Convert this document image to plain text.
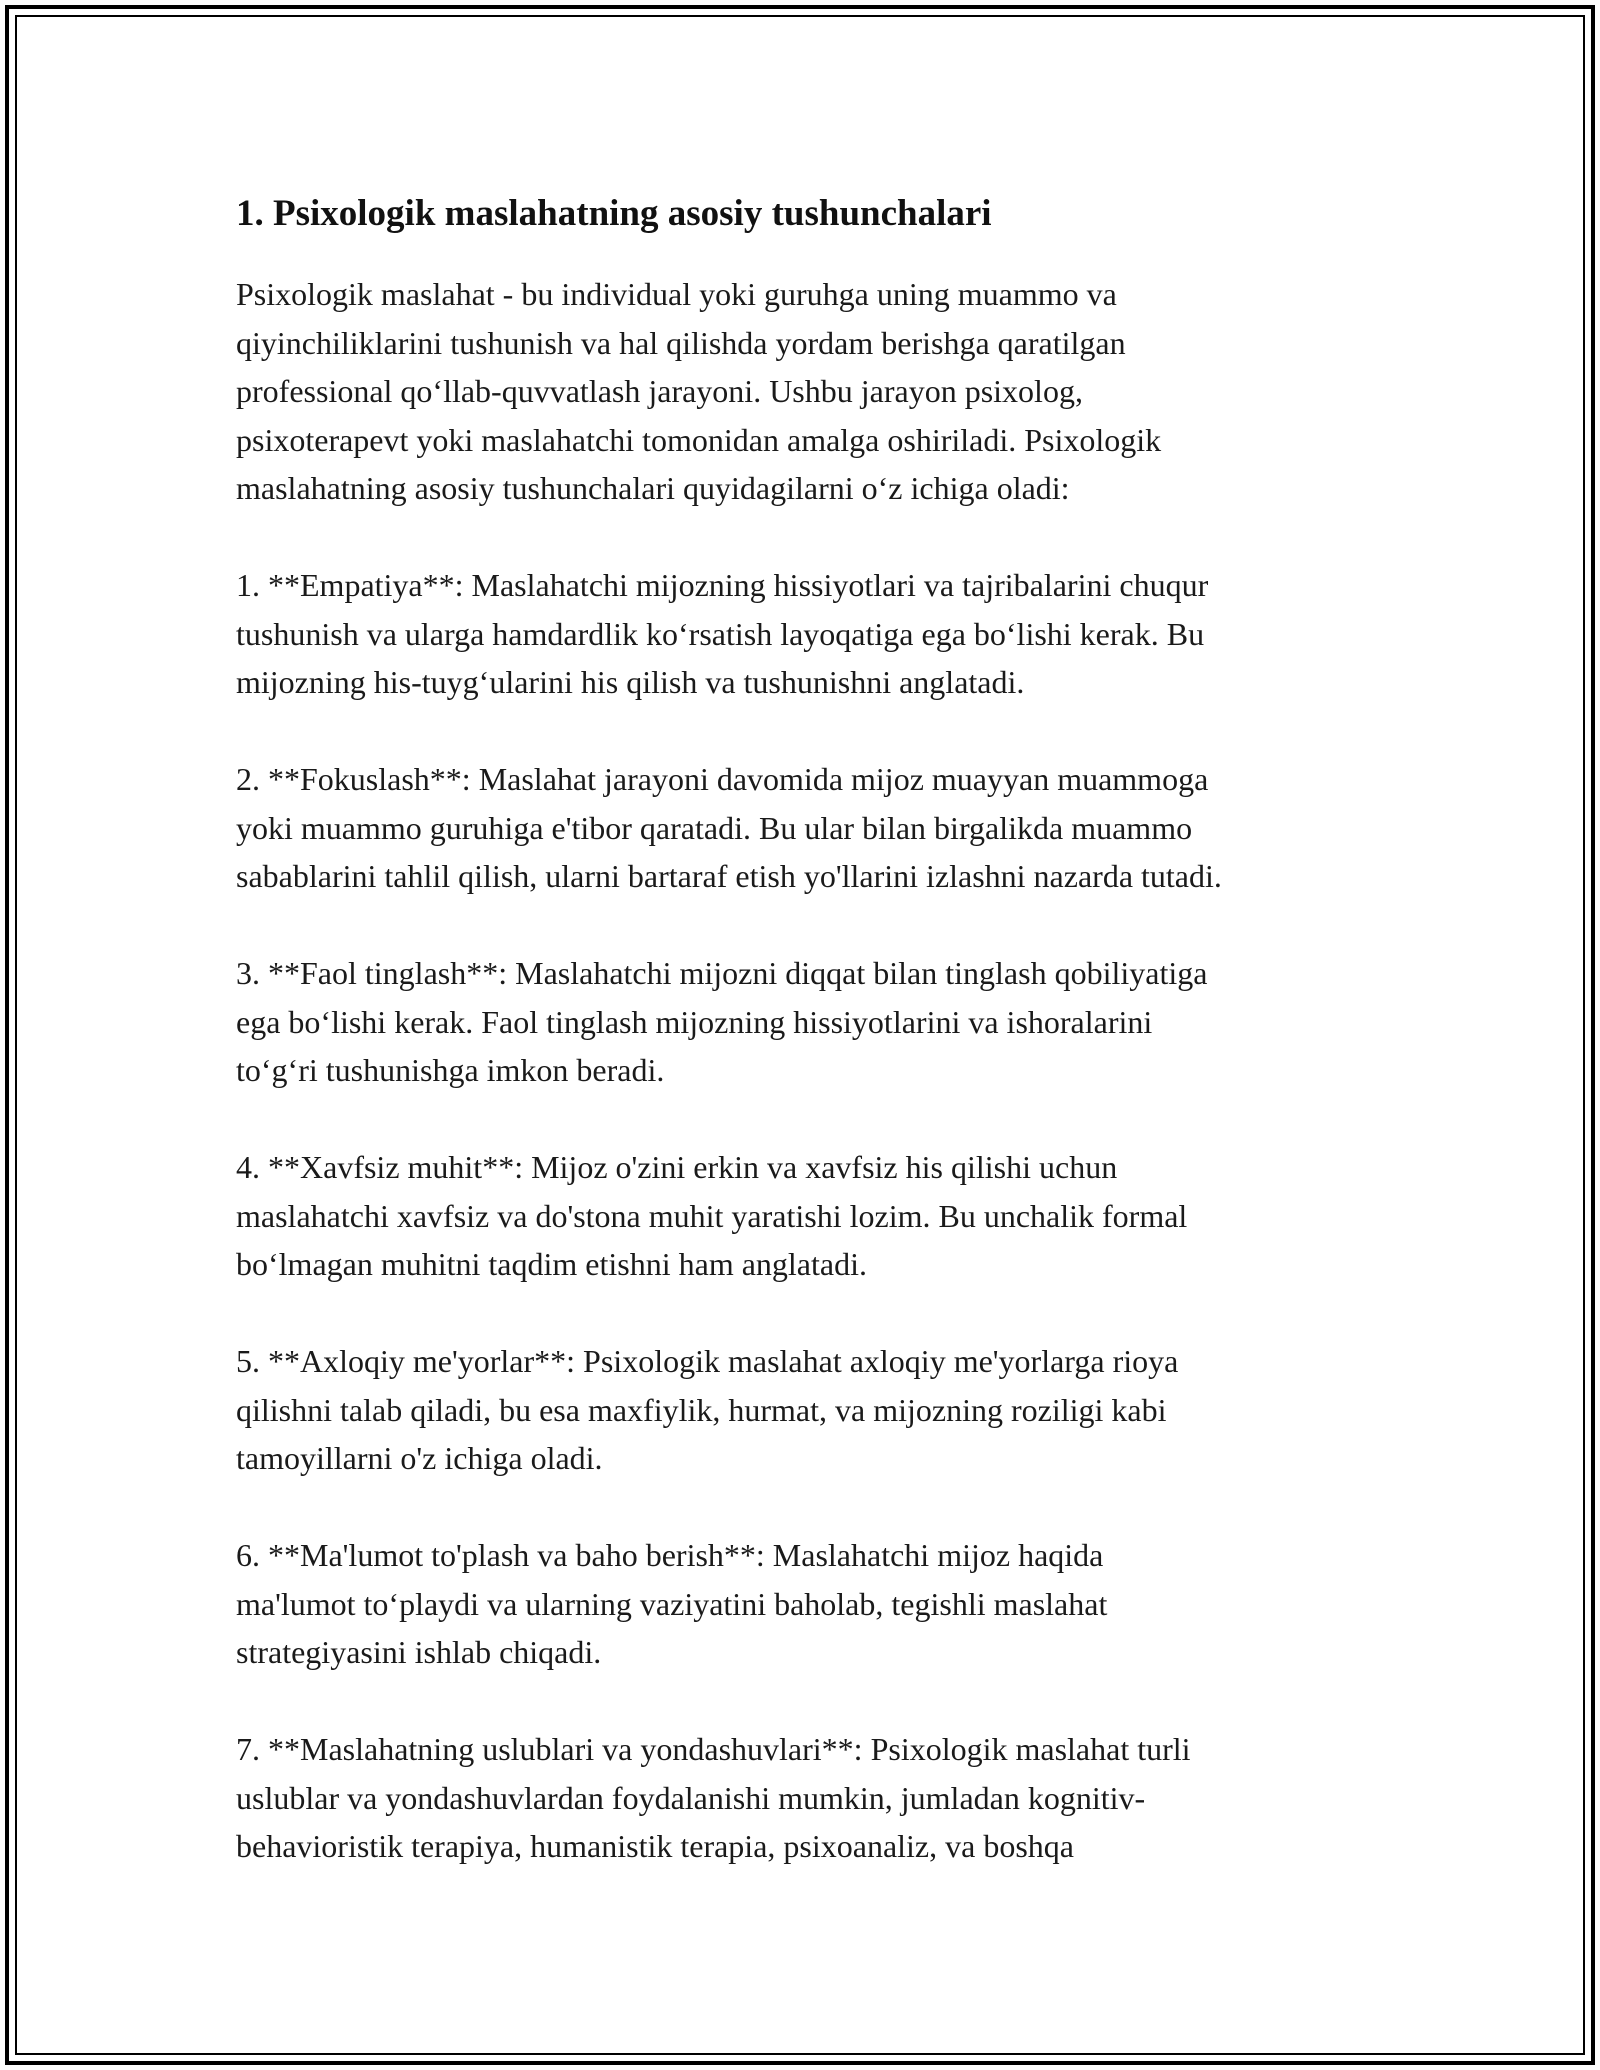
1. Psixologik maslahatning asosiy tushunchalari

Psixologik maslahat - bu individual yoki guruhga uning muammo va
qiyinchiliklarini tushunish va hal qilishda yordam berishga qaratilgan
professional qo‘llab-quvvatlash jarayoni. Ushbu jarayon psixolog,
psixoterapevt yoki maslahatchi tomonidan amalga oshiriladi. Psixologik
maslahatning asosiy tushunchalari quyidagilarni o‘z ichiga oladi:

1. **Empatiya**: Maslahatchi mijozning hissiyotlari va tajribalarini chuqur
tushunish va ularga hamdardlik ko‘rsatish layoqatiga ega bo‘lishi kerak. Bu
mijozning his-tuyg‘ularini his qilish va tushunishni anglatadi.

2. **Fokuslash**: Maslahat jarayoni davomida mijoz muayyan muammoga
yoki muammo guruhiga e'tibor qaratadi. Bu ular bilan birgalikda muammo
sabablarini tahlil qilish, ularni bartaraf etish yo'llarini izlashni nazarda tutadi.

3. **Faol tinglash**: Maslahatchi mijozni diqqat bilan tinglash qobiliyatiga
ega bo‘lishi kerak. Faol tinglash mijozning hissiyotlarini va ishoralarini
to‘g‘ri tushunishga imkon beradi.

4. **Xavfsiz muhit**: Mijoz o'zini erkin va xavfsiz his qilishi uchun
maslahatchi xavfsiz va do'stona muhit yaratishi lozim. Bu unchalik formal
bo‘lmagan muhitni taqdim etishni ham anglatadi.

5. **Axloqiy me'yorlar**: Psixologik maslahat axloqiy me'yorlarga rioya
qilishni talab qiladi, bu esa maxfiylik, hurmat, va mijozning roziligi kabi
tamoyillarni o'z ichiga oladi.

6. **Ma'lumot to'plash va baho berish**: Maslahatchi mijoz haqida
ma'lumot to‘playdi va ularning vaziyatini baholab, tegishli maslahat
strategiyasini ishlab chiqadi.

7. **Maslahatning uslublari va yondashuvlari**: Psixologik maslahat turli
uslublar va yondashuvlardan foydalanishi mumkin, jumladan kognitiv-
behavioristik terapiya, humanistik terapia, psixoanaliz, va boshqa
